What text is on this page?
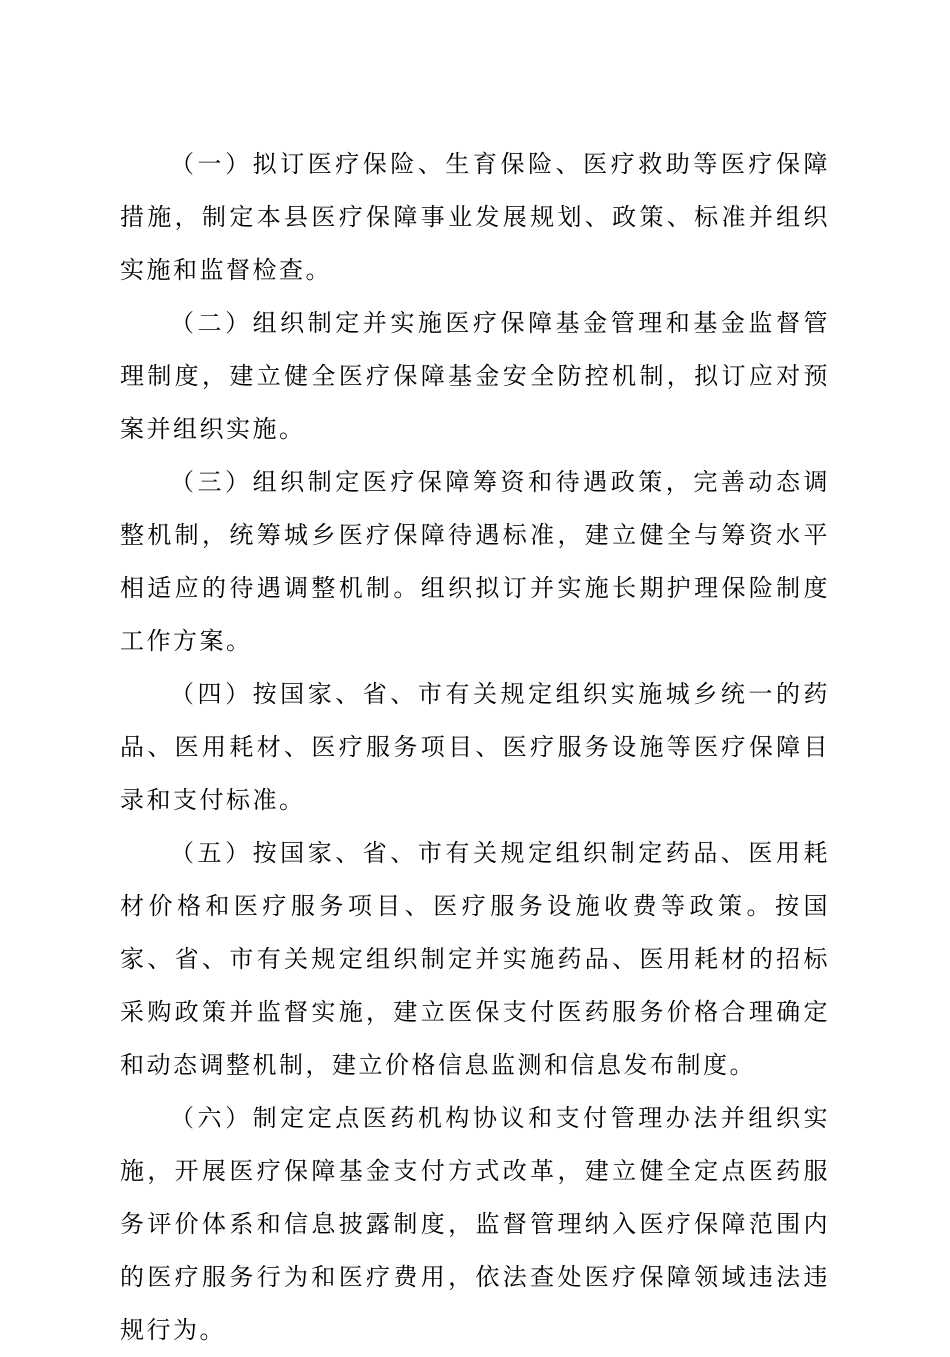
（一）拟订医疗保险、生育保险、医疗救助等医疗保障措施，制定本县医疗保障事业发展规划、政策、标准并组织实施和监督检查。

（二）组织制定并实施医疗保障基金管理和基金监督管理制度，建立健全医疗保障基金安全防控机制，拟订应对预案并组织实施。

（三）组织制定医疗保障筹资和待遇政策，完善动态调整机制，统筹城乡医疗保障待遇标准，建立健全与筹资水平相适应的待遇调整机制。组织拟订并实施长期护理保险制度工作方案。

（四）按国家、省、市有关规定组织实施城乡统一的药品、医用耗材、医疗服务项目、医疗服务设施等医疗保障目录和支付标准。

（五）按国家、省、市有关规定组织制定药品、医用耗材价格和医疗服务项目、医疗服务设施收费等政策。按国家、省、市有关规定组织制定并实施药品、医用耗材的招标采购政策并监督实施，建立医保支付医药服务价格合理确定和动态调整机制，建立价格信息监测和信息发布制度。

（六）制定定点医药机构协议和支付管理办法并组织实施，开展医疗保障基金支付方式改革，建立健全定点医药服务评价体系和信息披露制度，监督管理纳入医疗保障范围内的医疗服务行为和医疗费用，依法查处医疗保障领域违法违规行为。
